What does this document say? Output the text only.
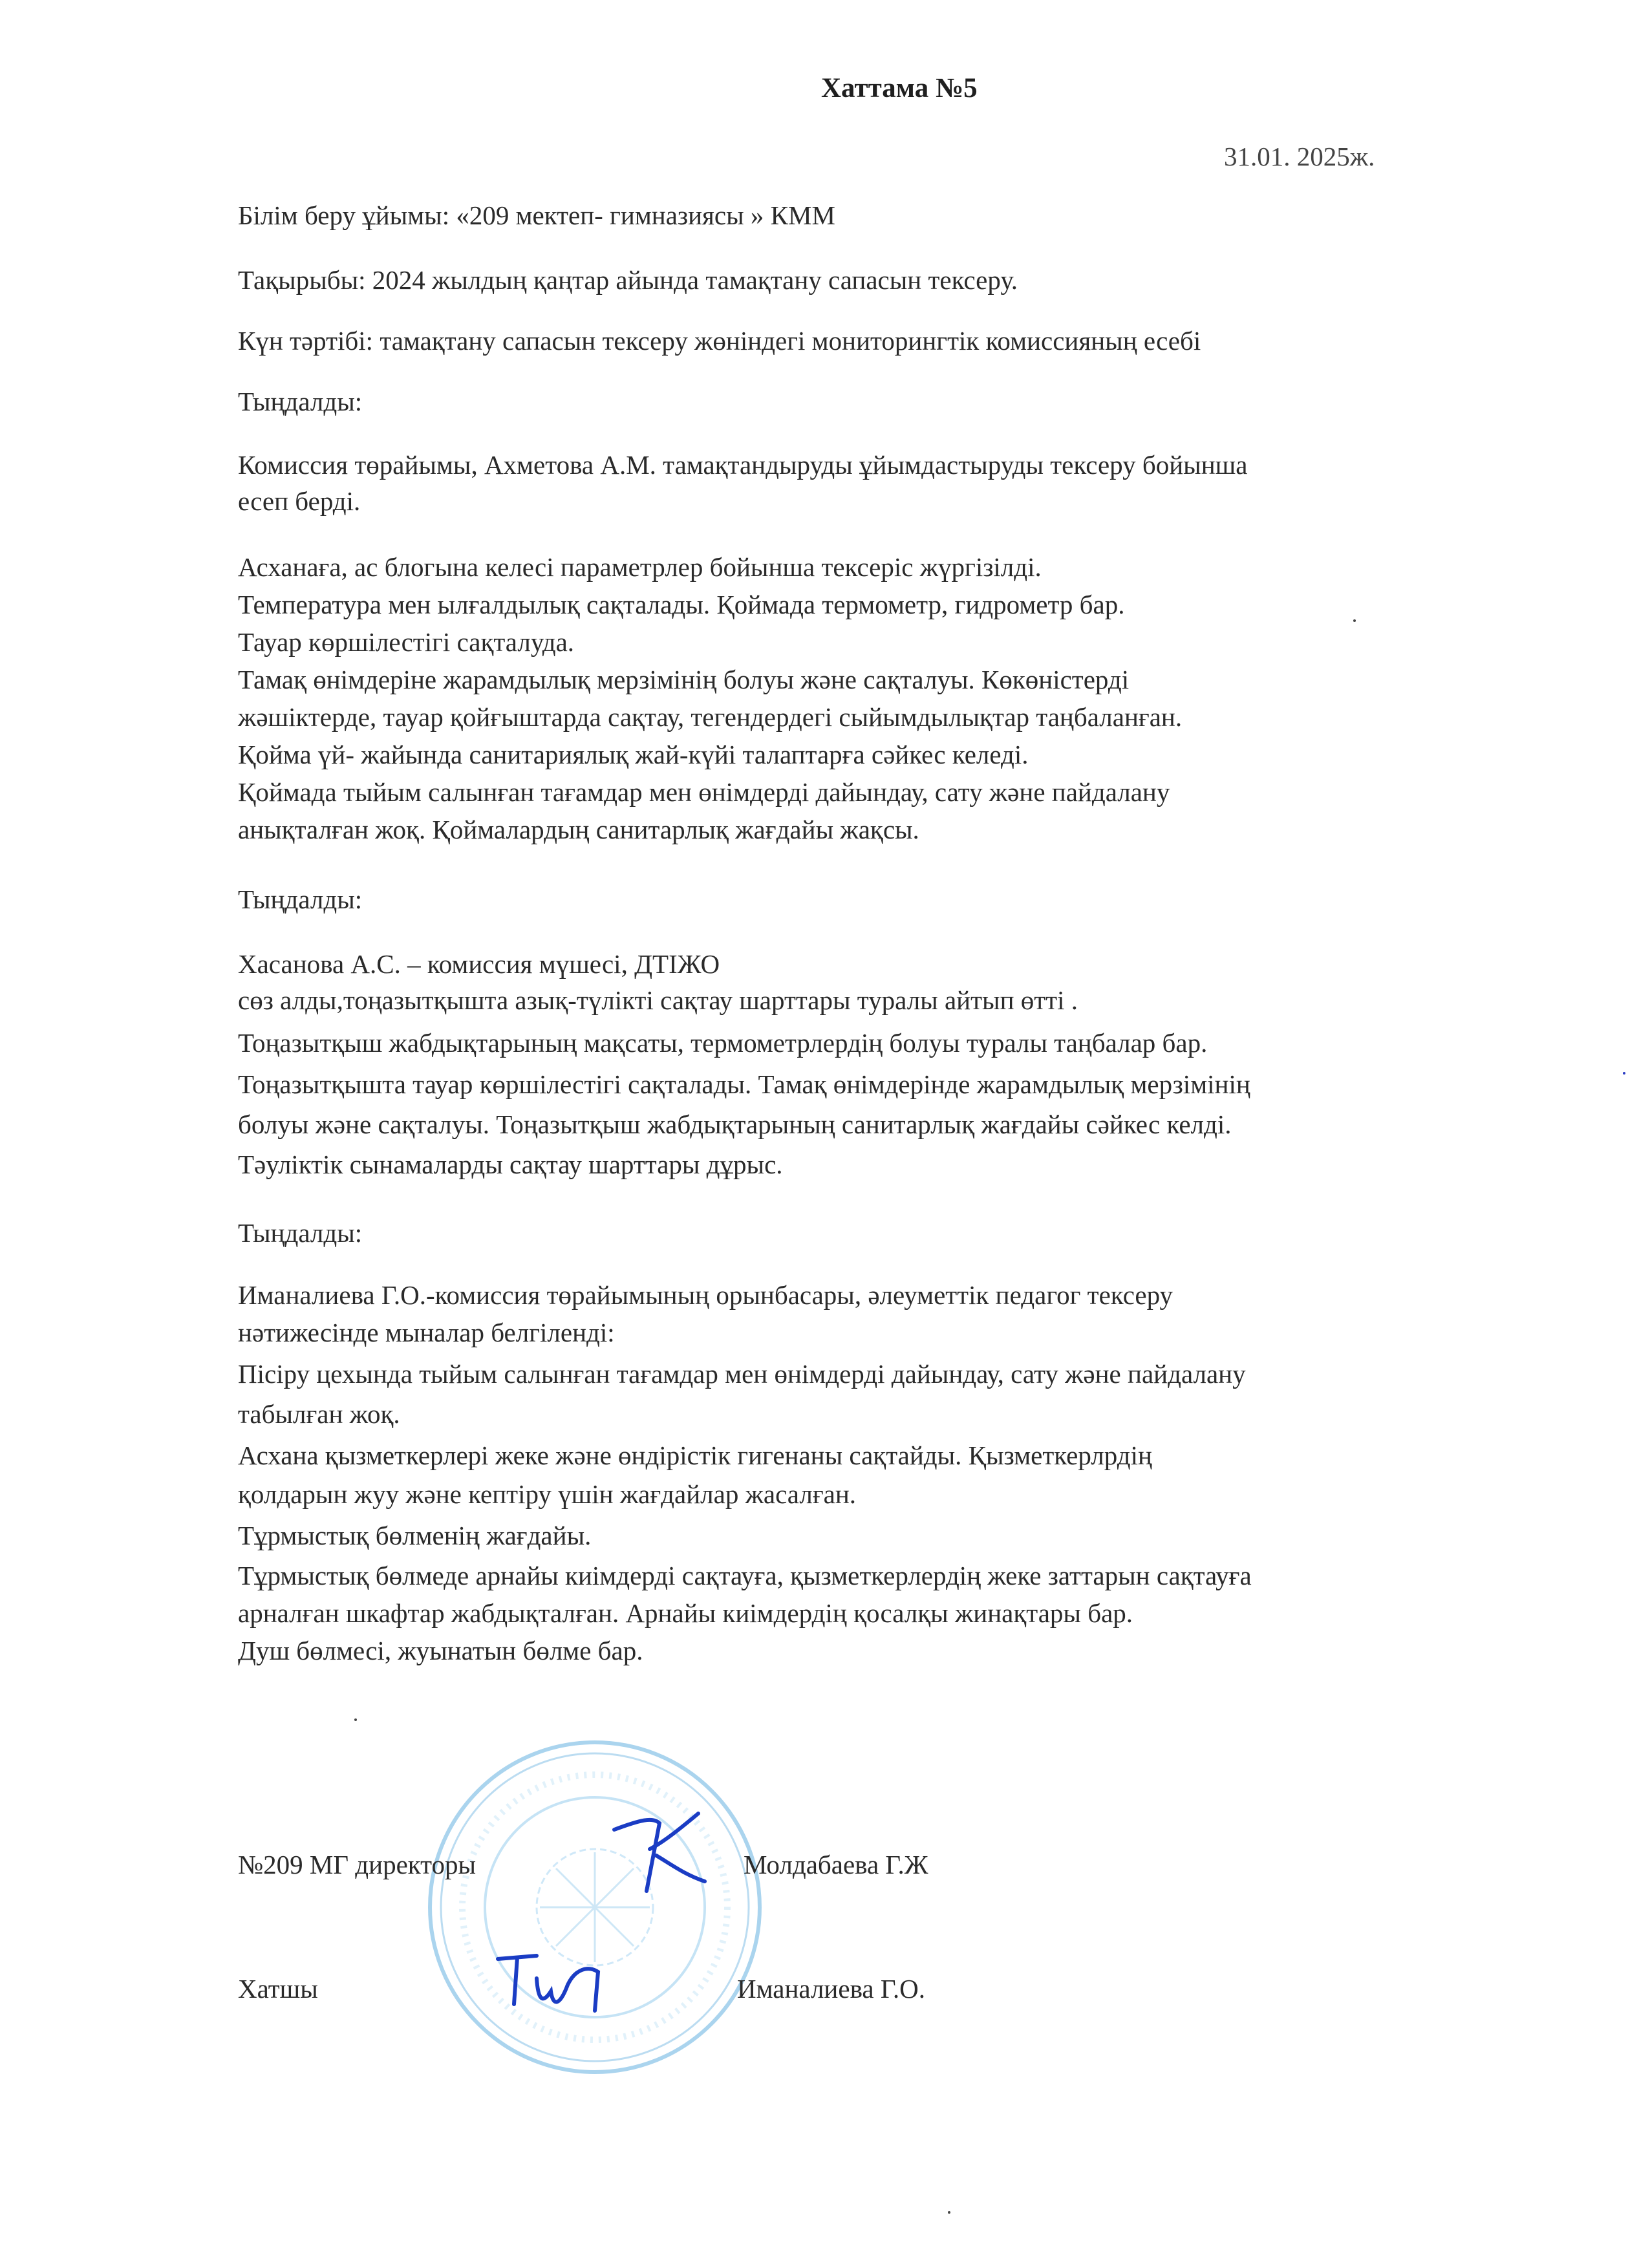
Хаттама №5
31.01. 2025ж.
Білім беру ұйымы: «209 мектеп- гимназиясы » КММ
Тақырыбы: 2024 жылдың қаңтар айында тамақтану сапасын тексеру.
Күн тәртібі: тамақтану сапасын тексеру жөніндегі мониторингтік комиссияның есебі
Тыңдалды:
Комиссия төрайымы, Ахметова А.М. тамақтандыруды ұйымдастыруды тексеру бойынша
есеп берді.
Асханаға, ас блогына келесі параметрлер бойынша тексеріс жүргізілді.
Температура мен ылғалдылық сақталады. Қоймада термометр, гидрометр бар.
Тауар көршілестігі сақталуда.
Тамақ өнімдеріне жарамдылық мерзімінің болуы және сақталуы. Көкөністерді
жәшіктерде, тауар қойғыштарда сақтау, тегендердегі сыйымдылықтар таңбаланған.
Қойма үй- жайында санитариялық жай-күйі талаптарға сәйкес келеді.
Қоймада тыйым салынған тағамдар мен өнімдерді дайындау, сату және пайдалану
анықталған жоқ. Қоймалардың санитарлық жағдайы жақсы.
Тыңдалды:
Хасанова А.С. – комиссия мүшесі, ДТІЖО
сөз алды,тоңазытқышта азық-түлікті сақтау шарттары туралы айтып өтті .
Тоңазытқыш жабдықтарының мақсаты, термометрлердің болуы туралы таңбалар бар.
Тоңазытқышта тауар көршілестігі сақталады. Тамақ өнімдерінде жарамдылық мерзімінің
болуы және сақталуы. Тоңазытқыш жабдықтарының санитарлық жағдайы сәйкес келді.
Тәуліктік сынамаларды сақтау шарттары дұрыс.
Тыңдалды:
Иманалиева Г.О.-комиссия төрайымының орынбасары, әлеуметтік педагог тексеру
нәтижесінде мыналар белгіленді:
Пісіру цехында тыйым салынған тағамдар мен өнімдерді дайындау, сату және пайдалану
табылған жоқ.
Асхана қызметкерлері жеке және өндірістік гигенаны сақтайды. Қызметкерлрдің
қолдарын жуу және кептіру үшін жағдайлар жасалған.
Тұрмыстық бөлменің жағдайы.
Тұрмыстық бөлмеде арнайы киімдерді сақтауға, қызметкерлердің жеке заттарын сақтауға
арналған шкафтар жабдықталған. Арнайы киімдердің қосалқы жинақтары бар.
Душ бөлмесі, жуынатын бөлме бар.
№209 МГ директоры	Молдабаева Г.Ж
Хатшы	Иманалиева Г.О.
